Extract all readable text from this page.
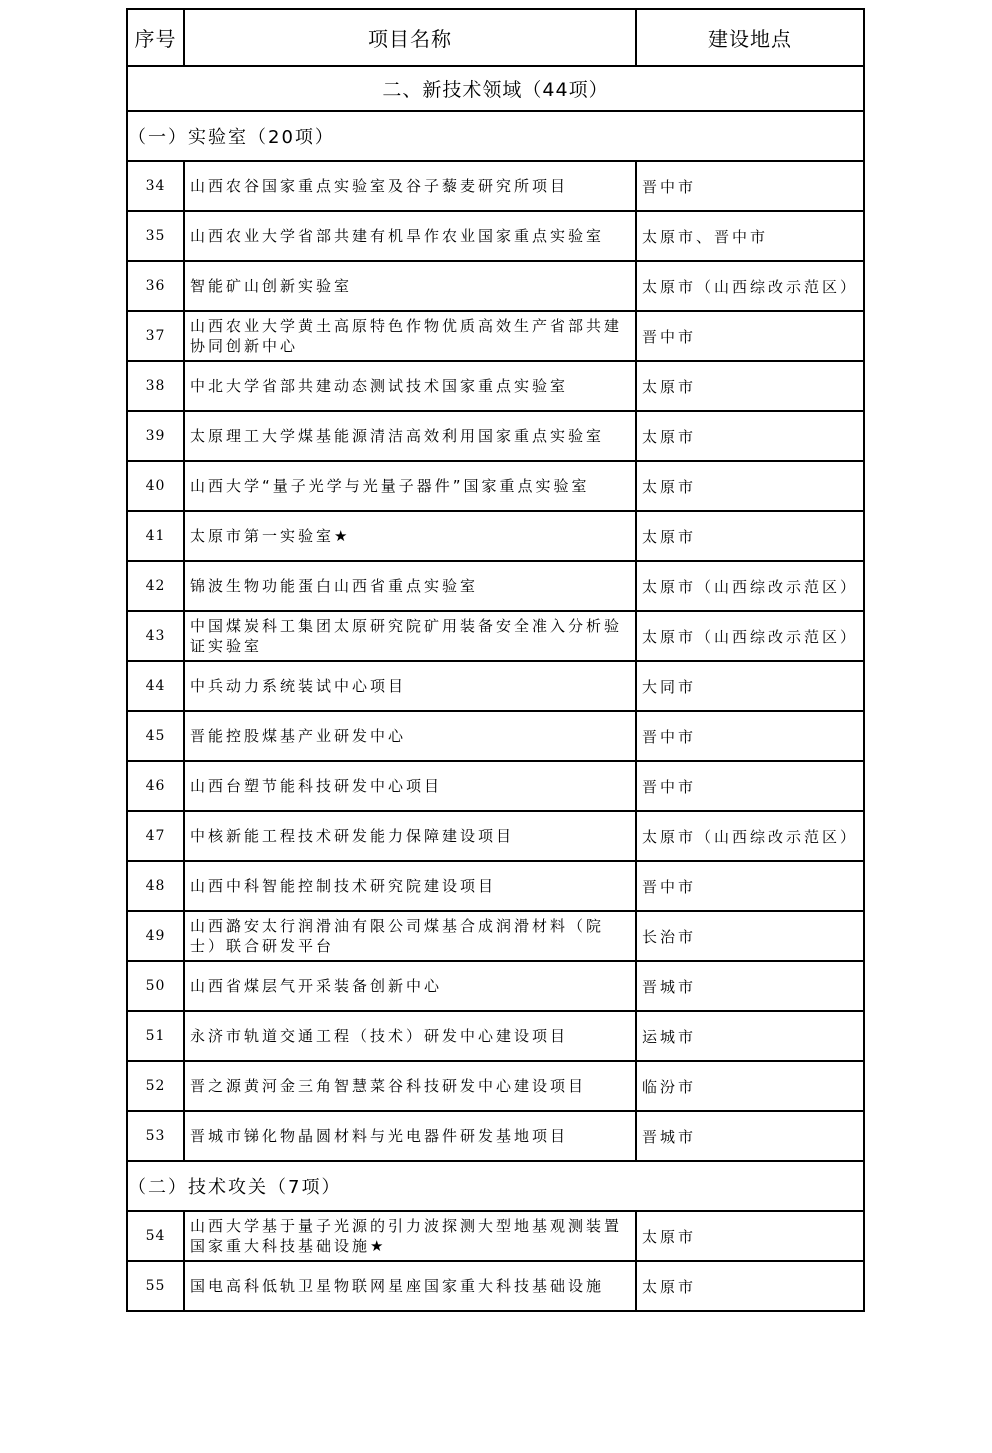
序号	项目名称	建设地点
二、新技术领域（44项）		
（一）实验室（20项）		
34	山西农谷国家重点实验室及谷子藜麦研究所项目	晋中市
35	山西农业大学省部共建有机旱作农业国家重点实验室	太原市、晋中市
36	智能矿山创新实验室	太原市（山西综改示范区）
37	山西农业大学黄土高原特色作物优质高效生产省部共建协同创新中心	晋中市
38	中北大学省部共建动态测试技术国家重点实验室	太原市
39	太原理工大学煤基能源清洁高效利用国家重点实验室	太原市
40	山西大学“量子光学与光量子器件”国家重点实验室	太原市
41	太原市第一实验室★	太原市
42	锦波生物功能蛋白山西省重点实验室	太原市（山西综改示范区）
43	中国煤炭科工集团太原研究院矿用装备安全准入分析验证实验室	太原市（山西综改示范区）
44	中兵动力系统装试中心项目	大同市
45	晋能控股煤基产业研发中心	晋中市
46	山西台塑节能科技研发中心项目	晋中市
47	中核新能工程技术研发能力保障建设项目	太原市（山西综改示范区）
48	山西中科智能控制技术研究院建设项目	晋中市
49	山西潞安太行润滑油有限公司煤基合成润滑材料（院士）联合研发平台	长治市
50	山西省煤层气开采装备创新中心	晋城市
51	永济市轨道交通工程（技术）研发中心建设项目	运城市
52	晋之源黄河金三角智慧菜谷科技研发中心建设项目	临汾市
53	晋城市锑化物晶圆材料与光电器件研发基地项目	晋城市
（二）技术攻关（7项）		
54	山西大学基于量子光源的引力波探测大型地基观测装置国家重大科技基础设施★	太原市
55	国电高科低轨卫星物联网星座国家重大科技基础设施	太原市
